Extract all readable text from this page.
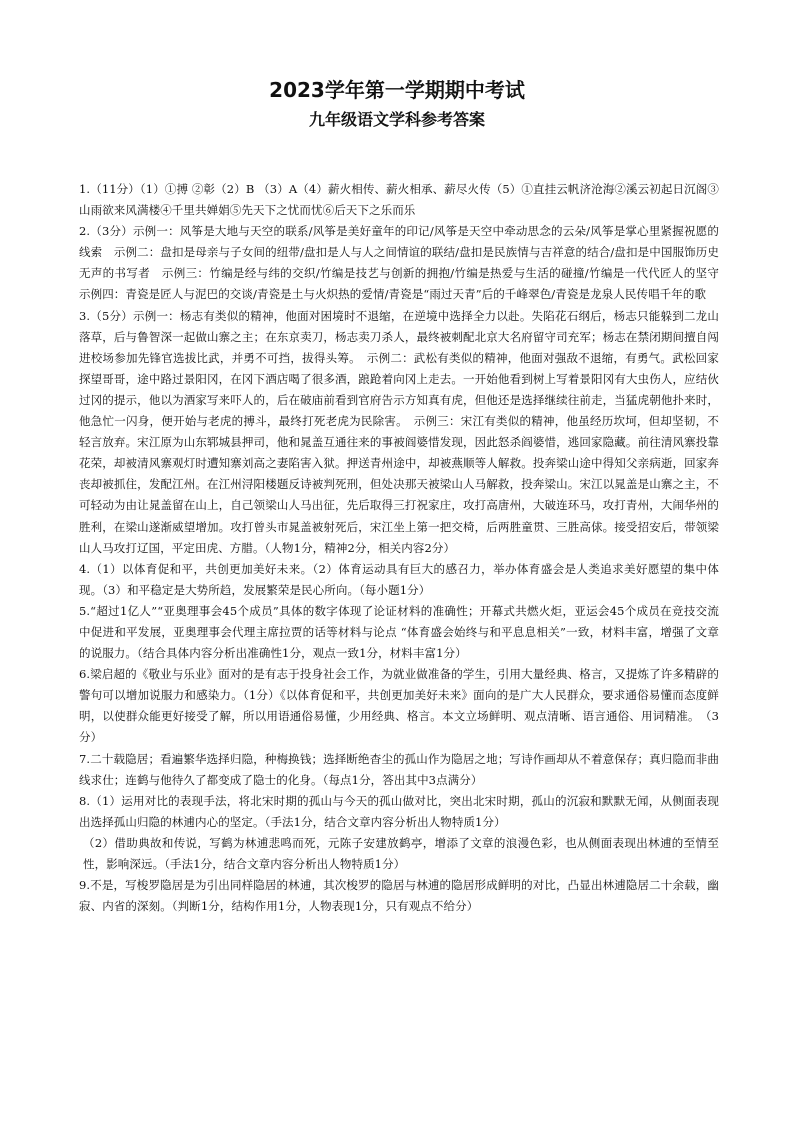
2023学年第一学期期中考试
九年级语文学科参考答案

1.（11分）（1）①搏 ②彰（2）B （3）A（4）薪火相传、薪火相承、薪尽火传（5）①直挂云帆济沧海②溪云初起日沉阁③山雨欲来风满楼④千里共婵娟⑤先天下之忧而忧⑥后天下之乐而乐

2.（3分）示例一：风筝是大地与天空的联系/风筝是美好童年的印记/风筝是天空中牵动思念的云朵/风筝是掌心里紧握祝愿的线索　示例二：盘扣是母亲与子女间的纽带/盘扣是人与人之间情谊的联结/盘扣是民族情与吉祥意的结合/盘扣是中国服饰历史无声的书写者　示例三：竹编是经与纬的交织/竹编是技艺与创新的拥抱/竹编是热爱与生活的碰撞/竹编是一代代匠人的坚守　示例四：青瓷是匠人与泥巴的交谈/青瓷是土与火炽热的爱情/青瓷是“雨过天青”后的千峰翠色/青瓷是龙泉人民传唱千年的歌

3.（5分）示例一：杨志有类似的精神，他面对困境时不退缩，在逆境中选择全力以赴。失陷花石纲后，杨志只能躲到二龙山落草，后与鲁智深一起做山寨之主；在东京卖刀，杨志卖刀杀人，最终被刺配北京大名府留守司充军；杨志在禁闭期间擅自闯进校场参加先锋官选拔比武，并勇不可挡，拔得头筹。　示例二：武松有类似的精神，他面对强敌不退缩，有勇气。武松回家探望哥哥，途中路过景阳冈，在冈下酒店喝了很多酒，踉跄着向冈上走去。一开始他看到树上写着景阳冈有大虫伤人，应结伙过冈的提示，他以为酒家写来吓人的，后在破庙前看到官府告示方知真有虎，但他还是选择继续往前走，当猛虎朝他扑来时，他急忙一闪身，便开始与老虎的搏斗，最终打死老虎为民除害。　示例三：宋江有类似的精神，他虽经历坎坷，但却坚韧，不轻言放弃。宋江原为山东郓城县押司，他和晁盖互通往来的事被阎婆惜发现，因此怒杀阎婆惜，逃回家隐藏。前往清风寨投靠花荣，却被清风寨观灯时遭知寨刘高之妻陷害入狱。押送青州途中，却被燕顺等人解救。投奔梁山途中得知父亲病逝，回家奔丧却被抓住，发配江州。在江州浔阳楼题反诗被判死刑，但处决那天被梁山人马解救，投奔梁山。宋江以晁盖是山寨之主，不可轻动为由让晁盖留在山上，自己领梁山人马出征，先后取得三打祝家庄，攻打高唐州，大破连环马，攻打青州，大闹华州的胜利，在梁山遂渐威望增加。攻打曾头市晁盖被射死后，宋江坐上第一把交椅，后两胜童贯、三胜高俅。接受招安后，带领梁山人马攻打辽国，平定田虎、方腊。（人物1分，精神2分，相关内容2分）

4.（1）以体育促和平，共创更加美好未来。（2）体育运动具有巨大的感召力，举办体育盛会是人类追求美好愿望的集中体现。（3）和平稳定是大势所趋，发展繁荣是民心所向。（每小题1分）

5.“超过1亿人”“亚奥理事会45个成员”具体的数字体现了论证材料的准确性；开幕式共燃火炬，亚运会45个成员在竞技交流中促进和平发展，亚奥理事会代理主席拉贾的话等材料与论点 “体育盛会始终与和平息息相关”一致，材料丰富，增强了文章的说服力。（结合具体内容分析出准确性1分，观点一致1分，材料丰富1分）

6.梁启超的《敬业与乐业》面对的是有志于投身社会工作，为就业做准备的学生，引用大量经典、格言，又提炼了许多精辟的警句可以增加说服力和感染力。（1分）《以体育促和平，共创更加美好未来》面向的是广大人民群众，要求通俗易懂而态度鲜明，以使群众能更好接受了解，所以用语通俗易懂，少用经典、格言。本文立场鲜明、观点清晰、语言通俗、用词精准。　（3分）

7.二十载隐居；看遍繁华选择归隐，种梅换钱；选择断绝杳尘的孤山作为隐居之地；写诗作画却从不着意保存；真归隐而非曲线求仕；连鹤与他待久了都变成了隐士的化身。（每点1分，答出其中3点满分）

8.（1）运用对比的表现手法，将北宋时期的孤山与今天的孤山做对比，突出北宋时期，孤山的沉寂和默默无闻，从侧面表现出选择孤山归隐的林逋内心的坚定。（手法1分，结合文章内容分析出人物特质1分）

（2）借助典故和传说，写鹤为林逋悲鸣而死，元陈子安建放鹤亭，增添了文章的浪漫色彩，也从侧面表现出林逋的至情至性，影响深远。（手法1分，结合文章内容分析出人物特质1分）

9.不是，写梭罗隐居是为引出同样隐居的林逋，其次梭罗的隐居与林逋的隐居形成鲜明的对比，凸显出林逋隐居二十余载，幽寂、内省的深刻。（判断1分，结构作用1分，人物表现1分，只有观点不给分）
